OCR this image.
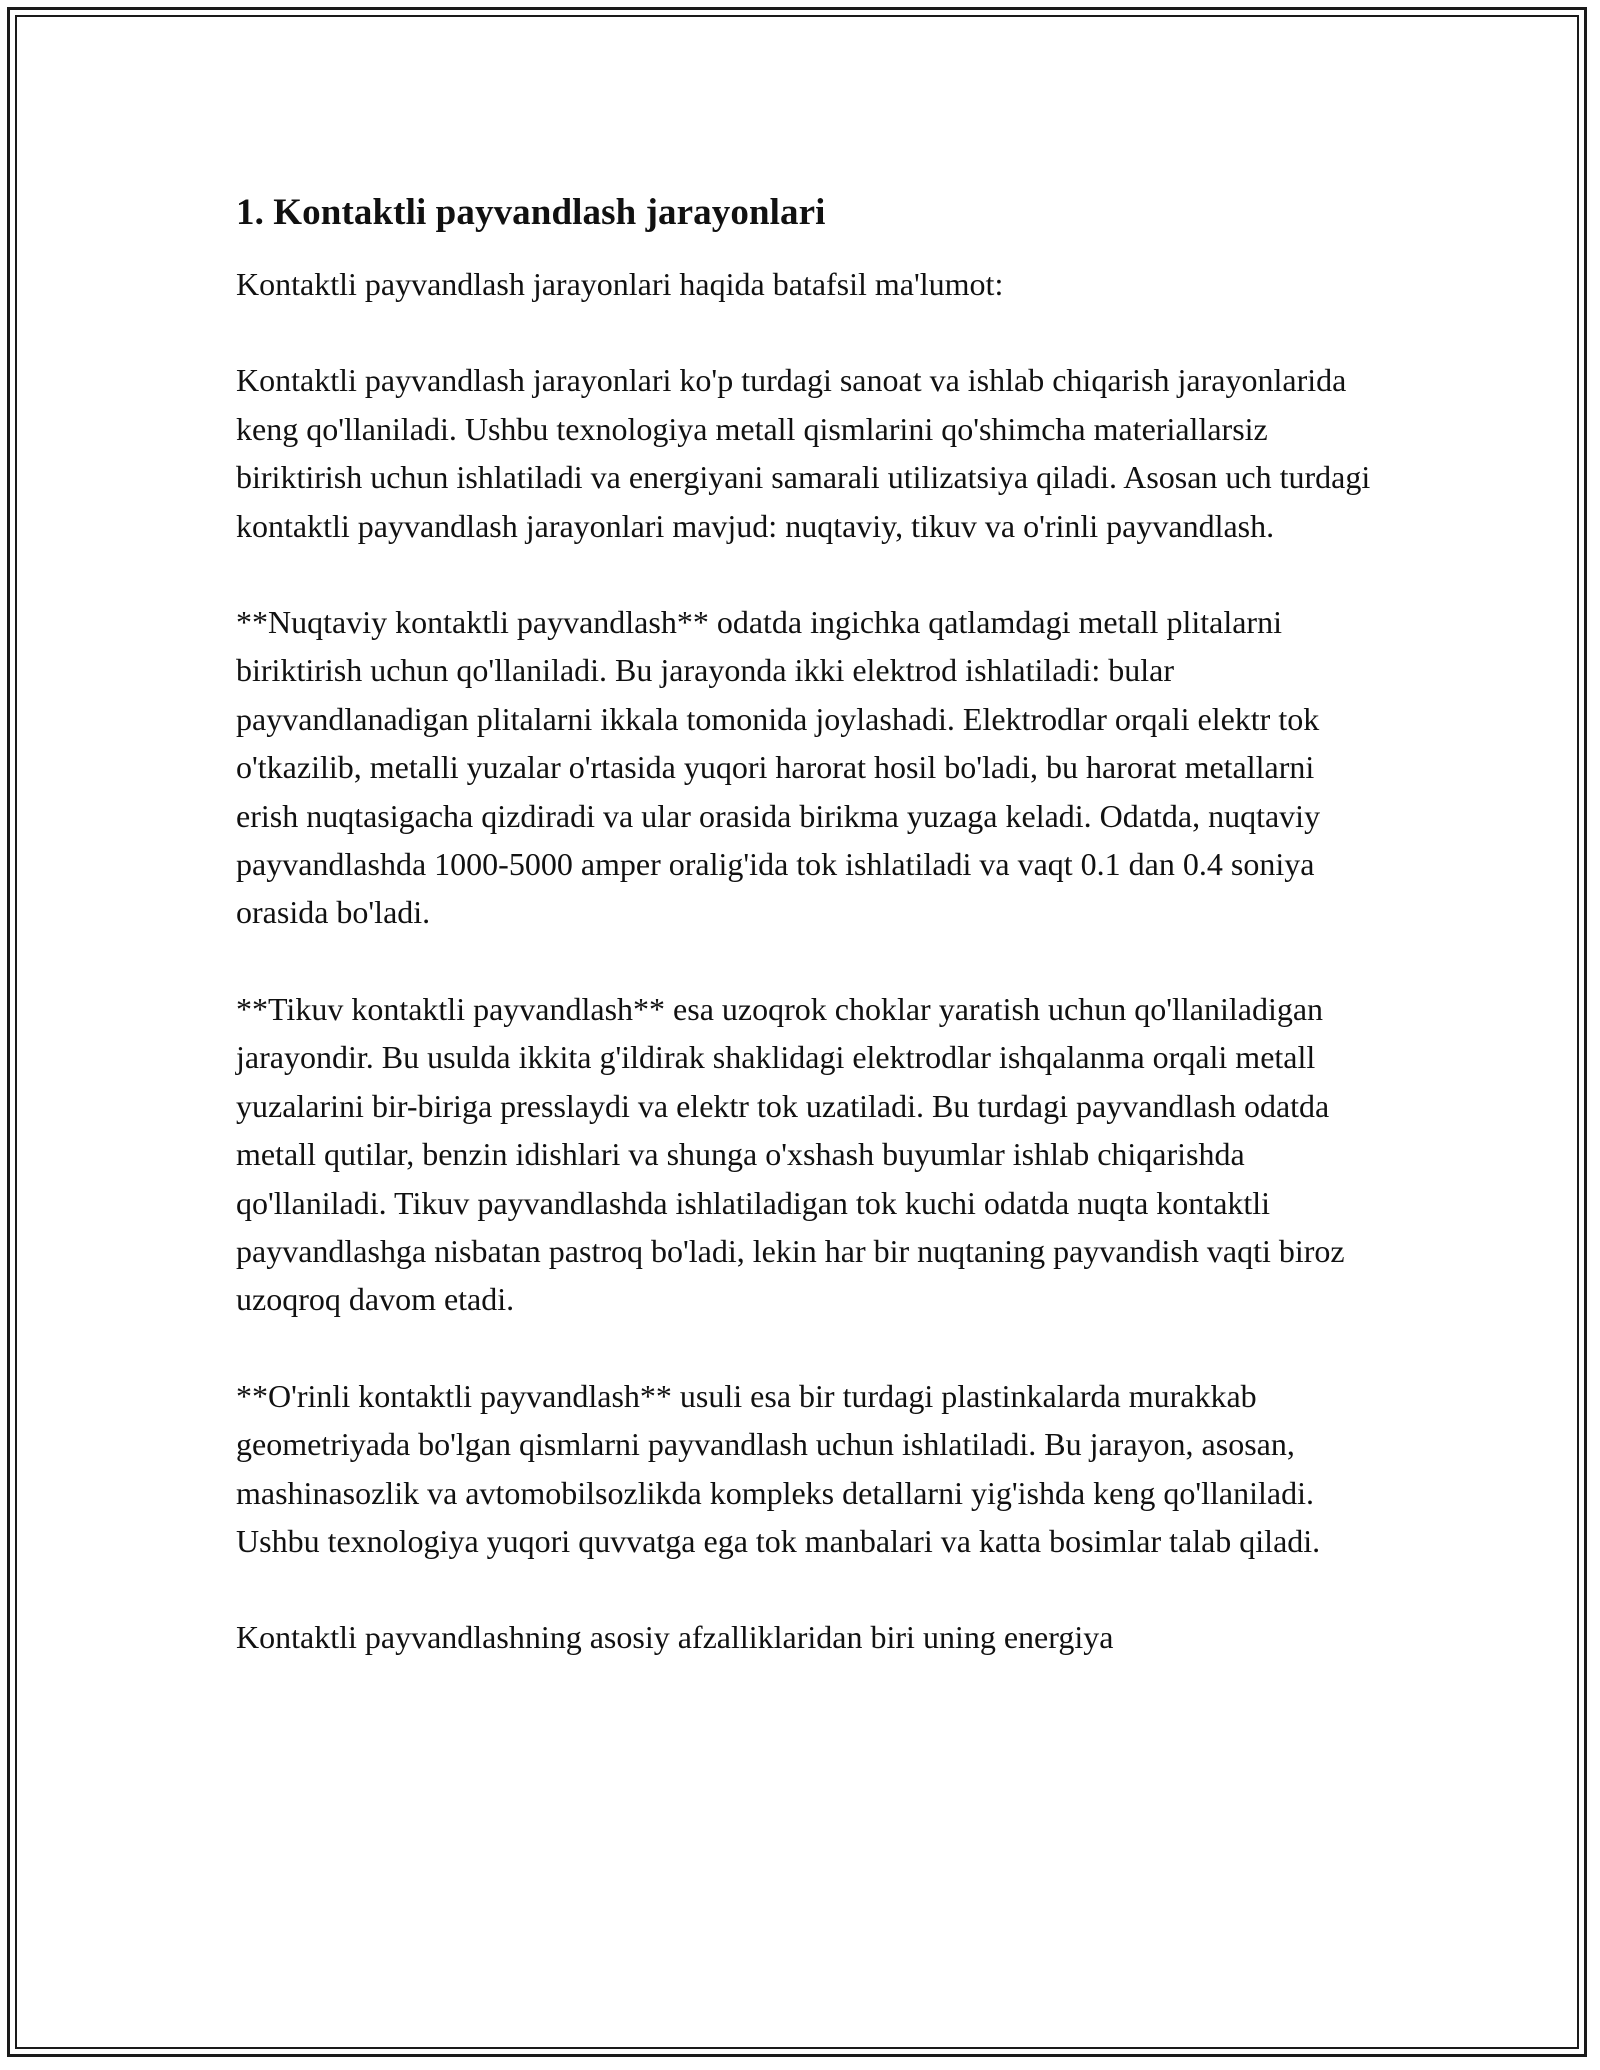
1. Kontaktli payvandlash jarayonlari

Kontaktli payvandlash jarayonlari haqida batafsil ma'lumot:

Kontaktli payvandlash jarayonlari ko'p turdagi sanoat va ishlab chiqarish jarayonlarida keng qo'llaniladi. Ushbu texnologiya metall qismlarini qo'shimcha materiallarsiz biriktirish uchun ishlatiladi va energiyani samarali utilizatsiya qiladi. Asosan uch turdagi kontaktli payvandlash jarayonlari mavjud: nuqtaviy, tikuv va o'rinli payvandlash.

**Nuqtaviy kontaktli payvandlash** odatda ingichka qatlamdagi metall plitalarni biriktirish uchun qo'llaniladi. Bu jarayonda ikki elektrod ishlatiladi: bular payvandlanadigan plitalarni ikkala tomonida joylashadi. Elektrodlar orqali elektr tok o'tkazilib, metalli yuzalar o'rtasida yuqori harorat hosil bo'ladi, bu harorat metallarni erish nuqtasigacha qizdiradi va ular orasida birikma yuzaga keladi. Odatda, nuqtaviy payvandlashda 1000-5000 amper oralig'ida tok ishlatiladi va vaqt 0.1 dan 0.4 soniya orasida bo'ladi.

**Tikuv kontaktli payvandlash** esa uzoqrok choklar yaratish uchun qo'llaniladigan jarayondir. Bu usulda ikkita g'ildirak shaklidagi elektrodlar ishqalanma orqali metall yuzalarini bir-biriga presslaydi va elektr tok uzatiladi. Bu turdagi payvandlash odatda metall qutilar, benzin idishlari va shunga o'xshash buyumlar ishlab chiqarishda qo'llaniladi. Tikuv payvandlashda ishlatiladigan tok kuchi odatda nuqta kontaktli payvandlashga nisbatan pastroq bo'ladi, lekin har bir nuqtaning payvandish vaqti biroz uzoqroq davom etadi.

**O'rinli kontaktli payvandlash** usuli esa bir turdagi plastinkalarda murakkab geometriyada bo'lgan qismlarni payvandlash uchun ishlatiladi. Bu jarayon, asosan, mashinasozlik va avtomobilsozlikda kompleks detallarni yig'ishda keng qo'llaniladi. Ushbu texnologiya yuqori quvvatga ega tok manbalari va katta bosimlar talab qiladi.

Kontaktli payvandlashning asosiy afzalliklaridan biri uning energiya
